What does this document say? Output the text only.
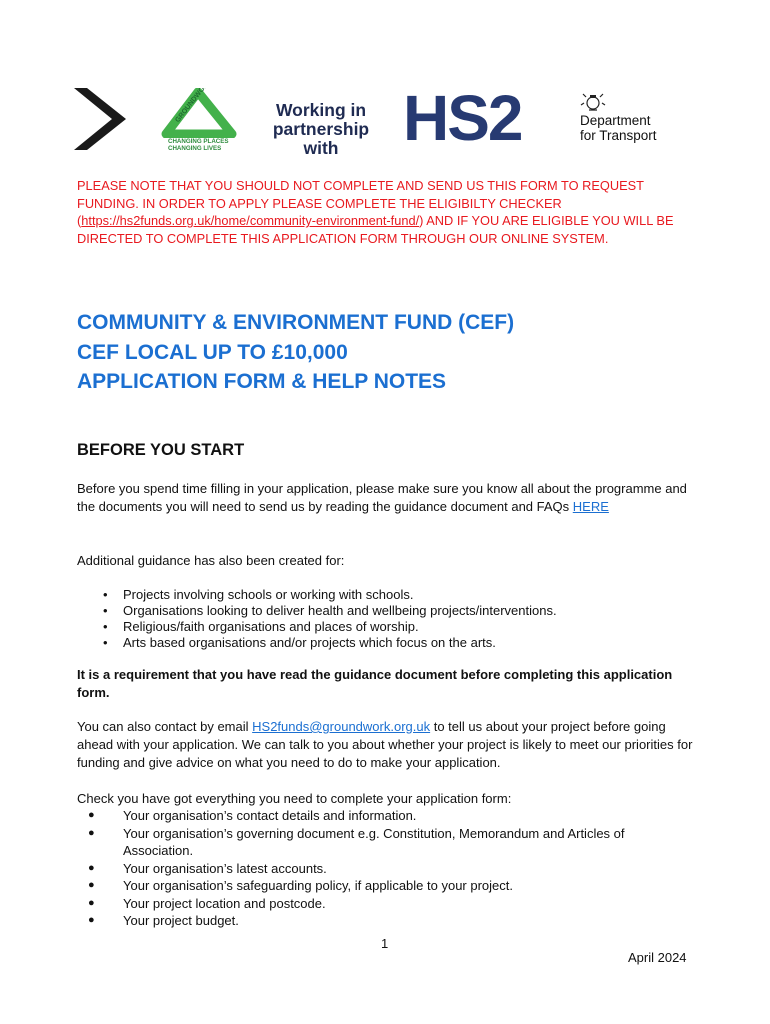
GROUNDWORK
CHANGING PLACES
CHANGING LIVES
Working in
partnership with	HS2	Department
for Transport
PLEASE NOTE THAT YOU SHOULD NOT COMPLETE AND SEND US THIS FORM TO REQUEST FUNDING. IN ORDER TO APPLY PLEASE COMPLETE THE ELIGIBILTY CHECKER (https://hs2funds.org.uk/home/community-environment-fund/) AND IF YOU ARE ELIGIBLE YOU WILL BE DIRECTED TO COMPLETE THIS APPLICATION FORM THROUGH OUR ONLINE SYSTEM.
COMMUNITY & ENVIRONMENT FUND (CEF)
CEF LOCAL UP TO £10,000
APPLICATION FORM & HELP NOTES
BEFORE YOU START

Before you spend time filling in your application, please make sure you know all about the programme and the documents you will need to send us by reading the guidance document and FAQs HERE

Additional guidance has also been created for:

• Projects involving schools or working with schools.
• Organisations looking to deliver health and wellbeing projects/interventions.
• Religious/faith organisations and places of worship.
• Arts based organisations and/or projects which focus on the arts.
It is a requirement that you have read the guidance document before completing this application form.

You can also contact by email HS2funds@groundwork.org.uk to tell us about your project before going ahead with your application. We can talk to you about whether your project is likely to meet our priorities for funding and give advice on what you need to do to make your application.

Check you have got everything you need to complete your application form:

● Your organisation’s contact details and information.
● Your organisation’s governing document e.g. Constitution, Memorandum and Articles of Association.
● Your organisation’s latest accounts.
● Your organisation’s safeguarding policy, if applicable to your project.
● Your project location and postcode.
● Your project budget.
1
April 2024
